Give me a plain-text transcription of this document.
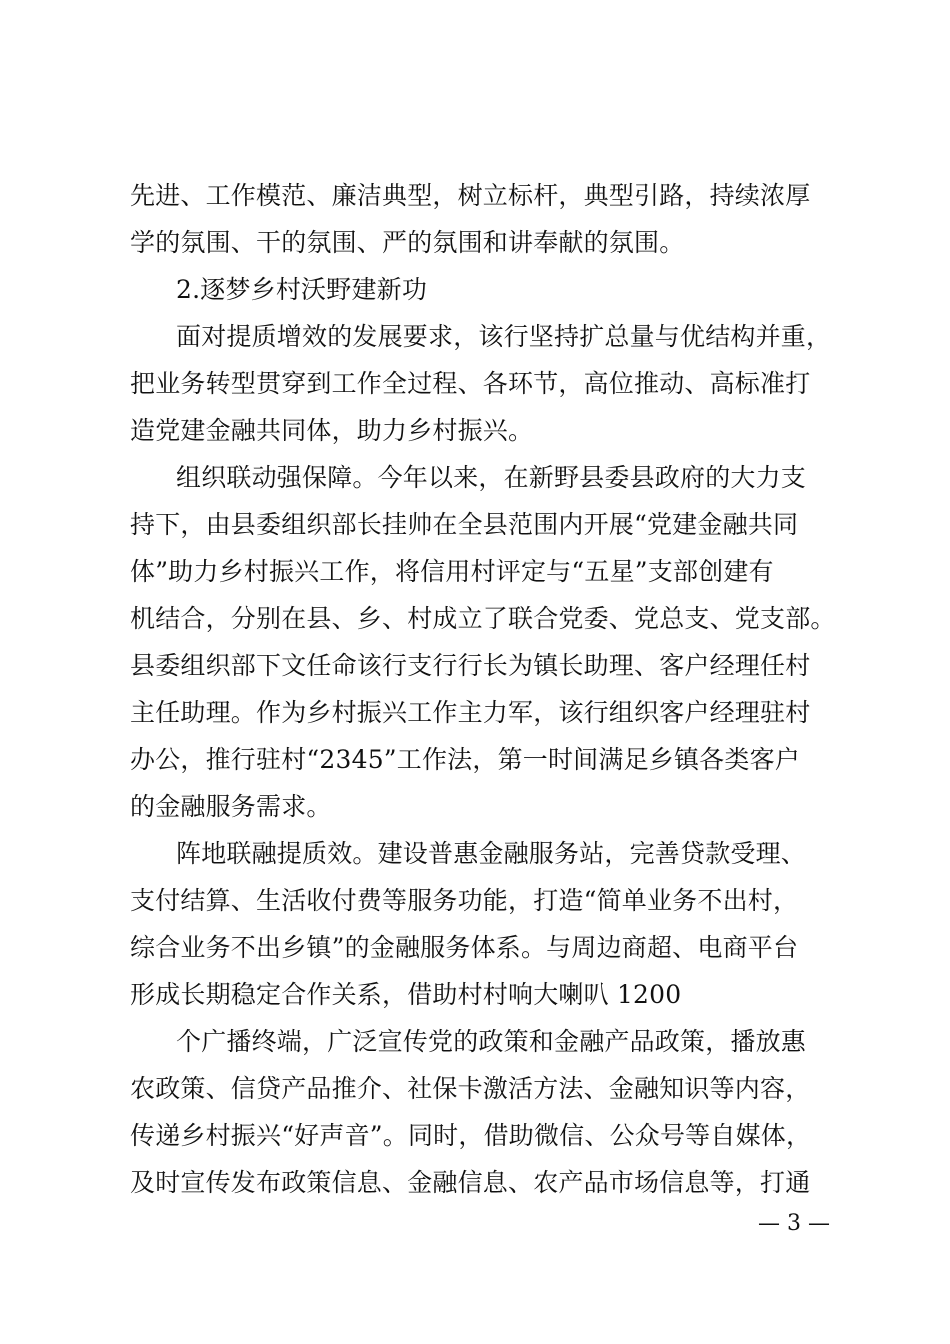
先进、工作模范、廉洁典型，树立标杆，典型引路，持续浓厚
学的氛围、干的氛围、严的氛围和讲奉献的氛围。
2.逐梦乡村沃野建新功
面对提质增效的发展要求，该行坚持扩总量与优结构并重，
把业务转型贯穿到工作全过程、各环节，高位推动、高标准打
造党建金融共同体，助力乡村振兴。
组织联动强保障。今年以来，在新野县委县政府的大力支
持下，由县委组织部长挂帅在全县范围内开展“党建金融共同
体”助力乡村振兴工作，将信用村评定与“五星”支部创建有
机结合，分别在县、乡、村成立了联合党委、党总支、党支部。
县委组织部下文任命该行支行行长为镇长助理、客户经理任村
主任助理。作为乡村振兴工作主力军，该行组织客户经理驻村
办公，推行驻村“2345”工作法，第一时间满足乡镇各类客户
的金融服务需求。
阵地联融提质效。建设普惠金融服务站，完善贷款受理、
支付结算、生活收付费等服务功能，打造“简单业务不出村，
综合业务不出乡镇”的金融服务体系。与周边商超、电商平台
形成长期稳定合作关系，借助村村响大喇叭 1200
个广播终端，广泛宣传党的政策和金融产品政策，播放惠
农政策、信贷产品推介、社保卡激活方法、金融知识等内容，
传递乡村振兴“好声音”。同时，借助微信、公众号等自媒体，
及时宣传发布政策信息、金融信息、农产品市场信息等，打通
— 3 —
